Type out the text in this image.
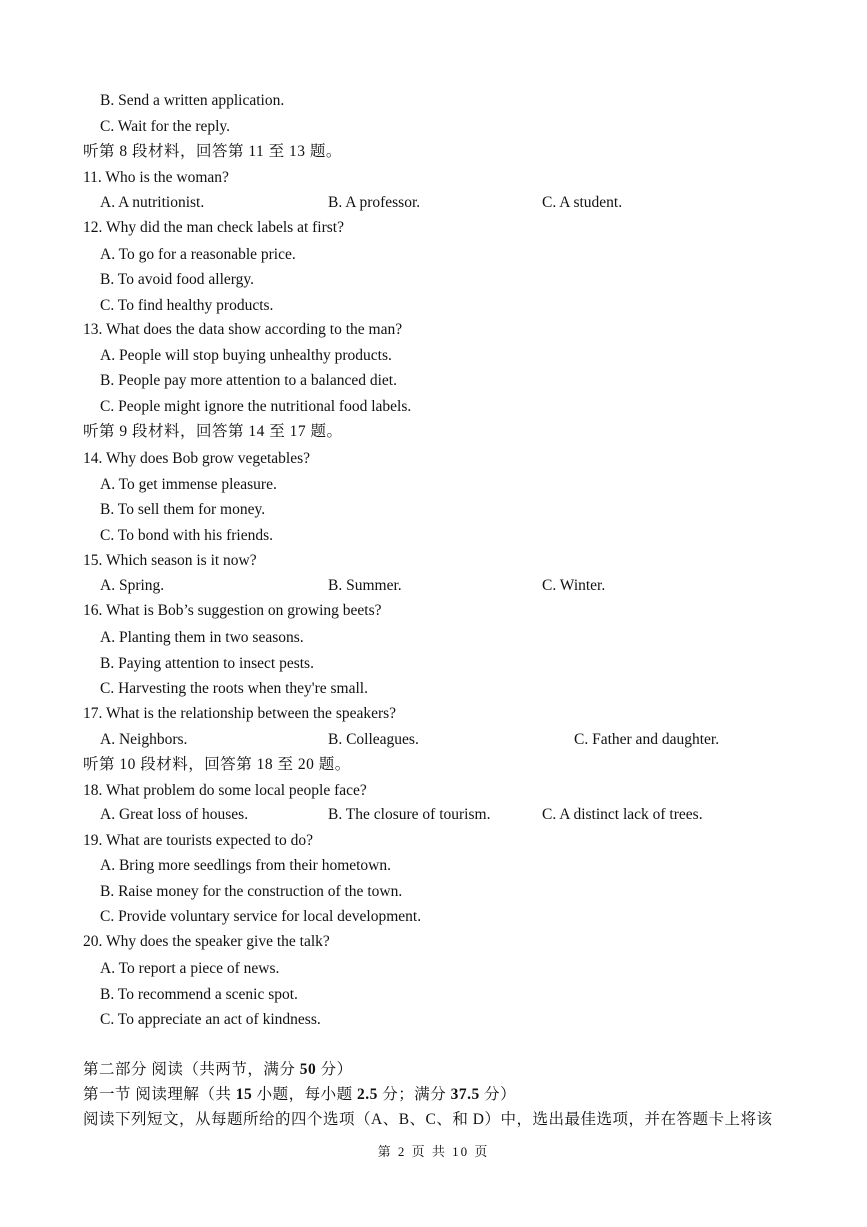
B. Send a written application.
C. Wait for the reply.
听第 8 段材料，回答第 11 至 13 题。
11. Who is the woman?
A. A nutritionist.	B. A professor.	C. A student.
12. Why did the man check labels at first?
A. To go for a reasonable price.
B. To avoid food allergy.
C. To find healthy products.
13. What does the data show according to the man?
A. People will stop buying unhealthy products.
B. People pay more attention to a balanced diet.
C. People might ignore the nutritional food labels.
听第 9 段材料，回答第 14 至 17 题。
14. Why does Bob grow vegetables?
A. To get immense pleasure.
B. To sell them for money.
C. To bond with his friends.
15. Which season is it now?
A. Spring.	B. Summer.	C. Winter.
16. What is Bob’s suggestion on growing beets?
A. Planting them in two seasons.
B. Paying attention to insect pests.
C. Harvesting the roots when they're small.
17. What is the relationship between the speakers?
A. Neighbors.	B. Colleagues.	C. Father and daughter.
听第 10 段材料，回答第 18 至 20 题。
18. What problem do some local people face?
A. Great loss of houses.	B. The closure of tourism.	C. A distinct lack of trees.
19. What are tourists expected to do?
A. Bring more seedlings from their hometown.
B. Raise money for the construction of the town.
C. Provide voluntary service for local development.
20. Why does the speaker give the talk?
A. To report a piece of news.
B. To recommend a scenic spot.
C. To appreciate an act of kindness.
第二部分 阅读（共两节，满分 50 分）
第一节 阅读理解（共 15 小题，每小题 2.5 分；满分 37.5 分）
阅读下列短文，从每题所给的四个选项（A、B、C、和 D）中，选出最佳选项，并在答题卡上将该
第 2 页 共 10 页
